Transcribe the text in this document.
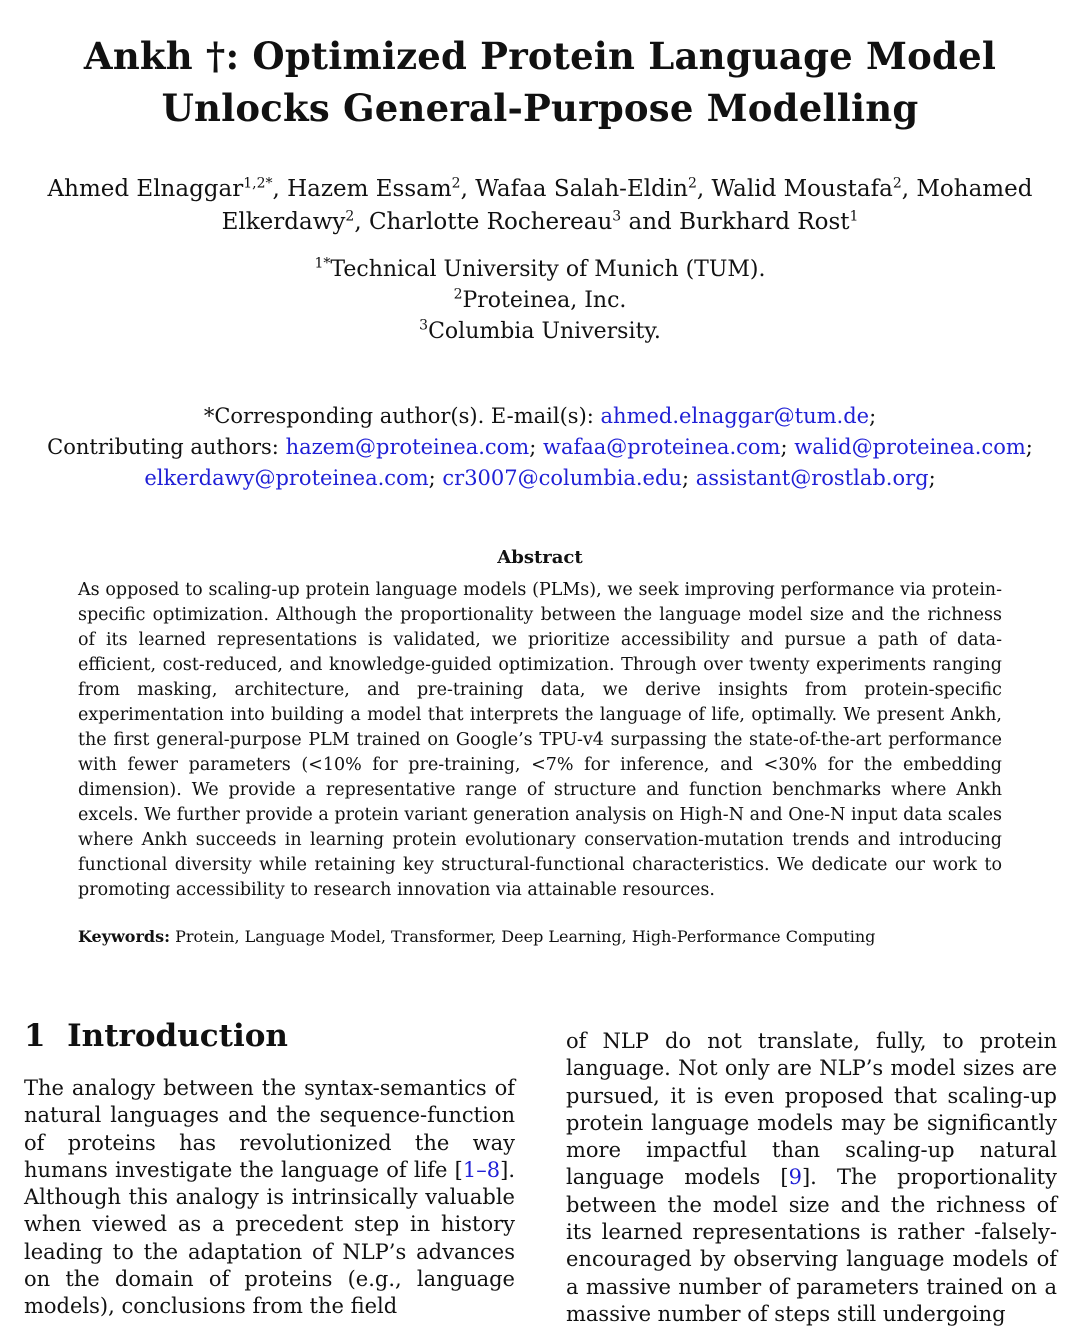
Ankh †: Optimized Protein Language Model
Unlocks General-Purpose Modelling
Ahmed Elnaggar$^{1,2*}$, Hazem Essam$^2$, Wafaa Salah-Eldin$^2$, Walid Moustafa$^2$, Mohamed Elkerdawy$^2$, Charlotte Rochereau$^3$ and Burkhard Rost$^1$
$^{1*}$Technical University of Munich (TUM).
$^2$Proteinea, Inc.
$^3$Columbia University.
*Corresponding author(s). E-mail(s): ahmed.elnaggar@tum.de;
Contributing authors: hazem@proteinea.com; wafaa@proteinea.com; walid@proteinea.com;
elkerdawy@proteinea.com; cr3007@columbia.edu; assistant@rostlab.org;
Abstract
As opposed to scaling-up protein language models (PLMs), we seek improving performance via protein-specific optimization. Although the proportionality between the language model size and the richness of its learned representations is validated, we prioritize accessibility and pursue a path of data-efficient, cost-reduced, and knowledge-guided optimization. Through over twenty experiments ranging from masking, architecture, and pre-training data, we derive insights from protein-specific experimentation into building a model that interprets the language of life, optimally. We present Ankh, the first general-purpose PLM trained on Google’s TPU-v4 surpassing the state-of-the-art performance with fewer parameters (<10% for pre-training, <7% for inference, and <30% for the embedding dimension). We provide a representative range of structure and function benchmarks where Ankh excels. We further provide a protein variant generation analysis on High-N and One-N input data scales where Ankh succeeds in learning protein evolutionary conservation-mutation trends and introducing functional diversity while retaining key structural-functional characteristics. We dedicate our work to promoting accessibility to research innovation via attainable resources.
Keywords: Protein, Language Model, Transformer, Deep Learning, High-Performance Computing
1 Introduction
The analogy between the syntax-semantics of natural languages and the sequence-function of proteins has revolutionized the way humans investigate the language of life [1–8]. Although this analogy is intrinsically valuable when viewed as a precedent step in history leading to the adaptation of NLP’s advances on the domain of proteins (e.g., language models), conclusions from the field
of NLP do not translate, fully, to protein language. Not only are NLP’s model sizes are pursued, it is even proposed that scaling-up protein language models may be significantly more impactful than scaling-up natural language models [9]. The proportionality between the model size and the richness of its learned representations is rather -falsely- encouraged by observing language models of a massive number of parameters trained on a massive number of steps still undergoing
